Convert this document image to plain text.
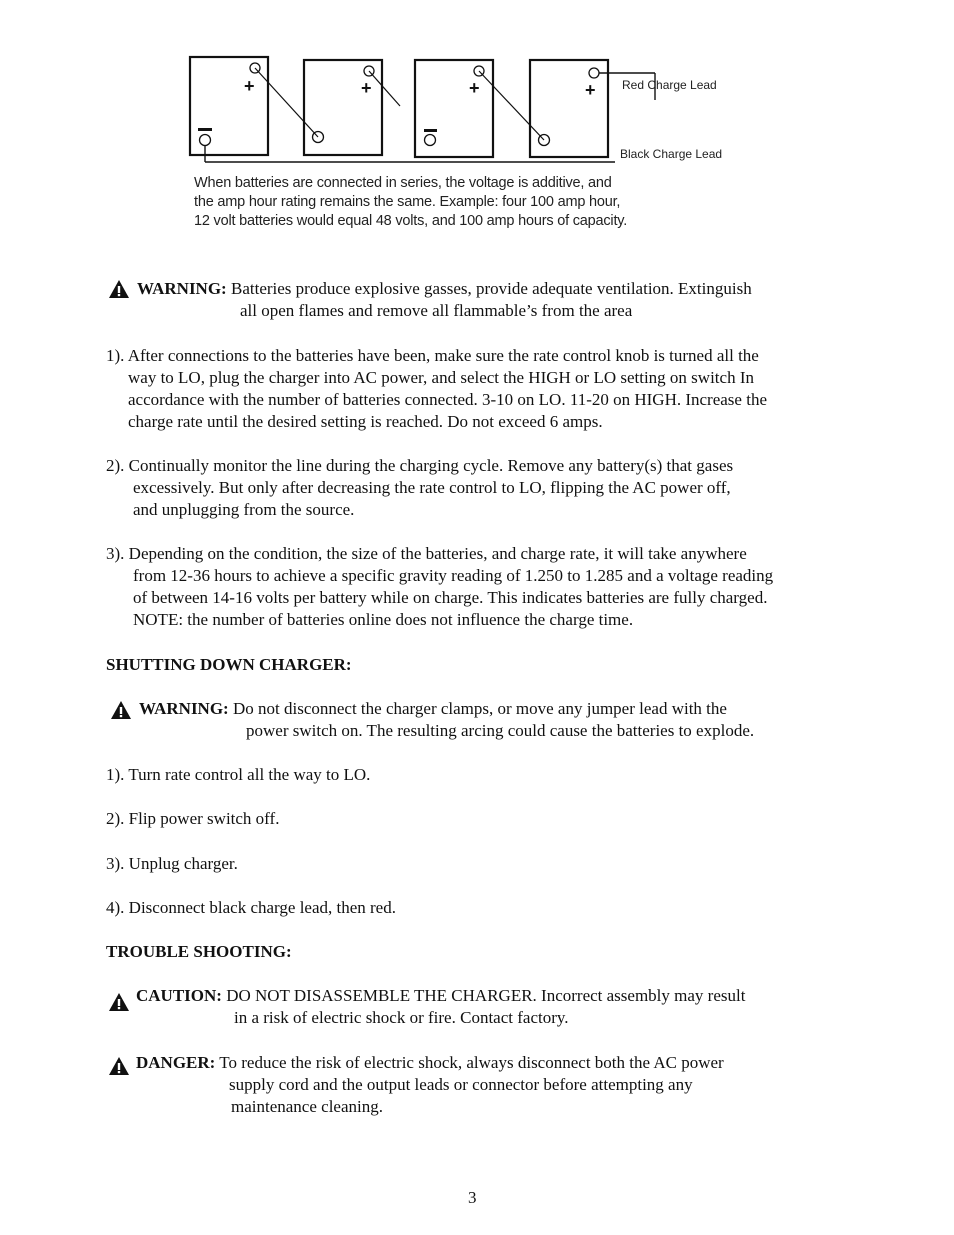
+	+	+	+ Red Charge Lead
Black Charge Lead
When batteries are connected in series, the voltage is additive, and
the amp hour rating remains the same. Example: four 100 amp hour,
12 volt batteries would equal 48 volts, and 100 amp hours of capacity.
WARNING: Batteries produce explosive gasses, provide adequate ventilation. Extinguish
all open flames and remove all flammable’s from the area
1). After connections to the batteries have been, make sure the rate control knob is turned all the
way to LO, plug the charger into AC power, and select the HIGH or LO setting on switch In
accordance with the number of batteries connected. 3-10 on LO. 11-20 on HIGH. Increase the
charge rate until the desired setting is reached. Do not exceed 6 amps.
2). Continually monitor the line during the charging cycle. Remove any battery(s) that gases
excessively. But only after decreasing the rate control to LO, flipping the AC power off,
and unplugging from the source.
3). Depending on the condition, the size of the batteries, and charge rate, it will take anywhere
from 12-36 hours to achieve a specific gravity reading of 1.250 to 1.285 and a voltage reading
of between 14-16 volts per battery while on charge. This indicates batteries are fully charged.
NOTE: the number of batteries online does not influence the charge time.
SHUTTING DOWN CHARGER:
WARNING: Do not disconnect the charger clamps, or move any jumper lead with the
power switch on. The resulting arcing could cause the batteries to explode.
1). Turn rate control all the way to LO.
2). Flip power switch off.
3). Unplug charger.
4). Disconnect black charge lead, then red.
TROUBLE SHOOTING:
CAUTION: DO NOT DISASSEMBLE THE CHARGER. Incorrect assembly may result
in a risk of electric shock or fire. Contact factory.
DANGER: To reduce the risk of electric shock, always disconnect both the AC power
supply cord and the output leads or connector before attempting any
maintenance cleaning.
3
